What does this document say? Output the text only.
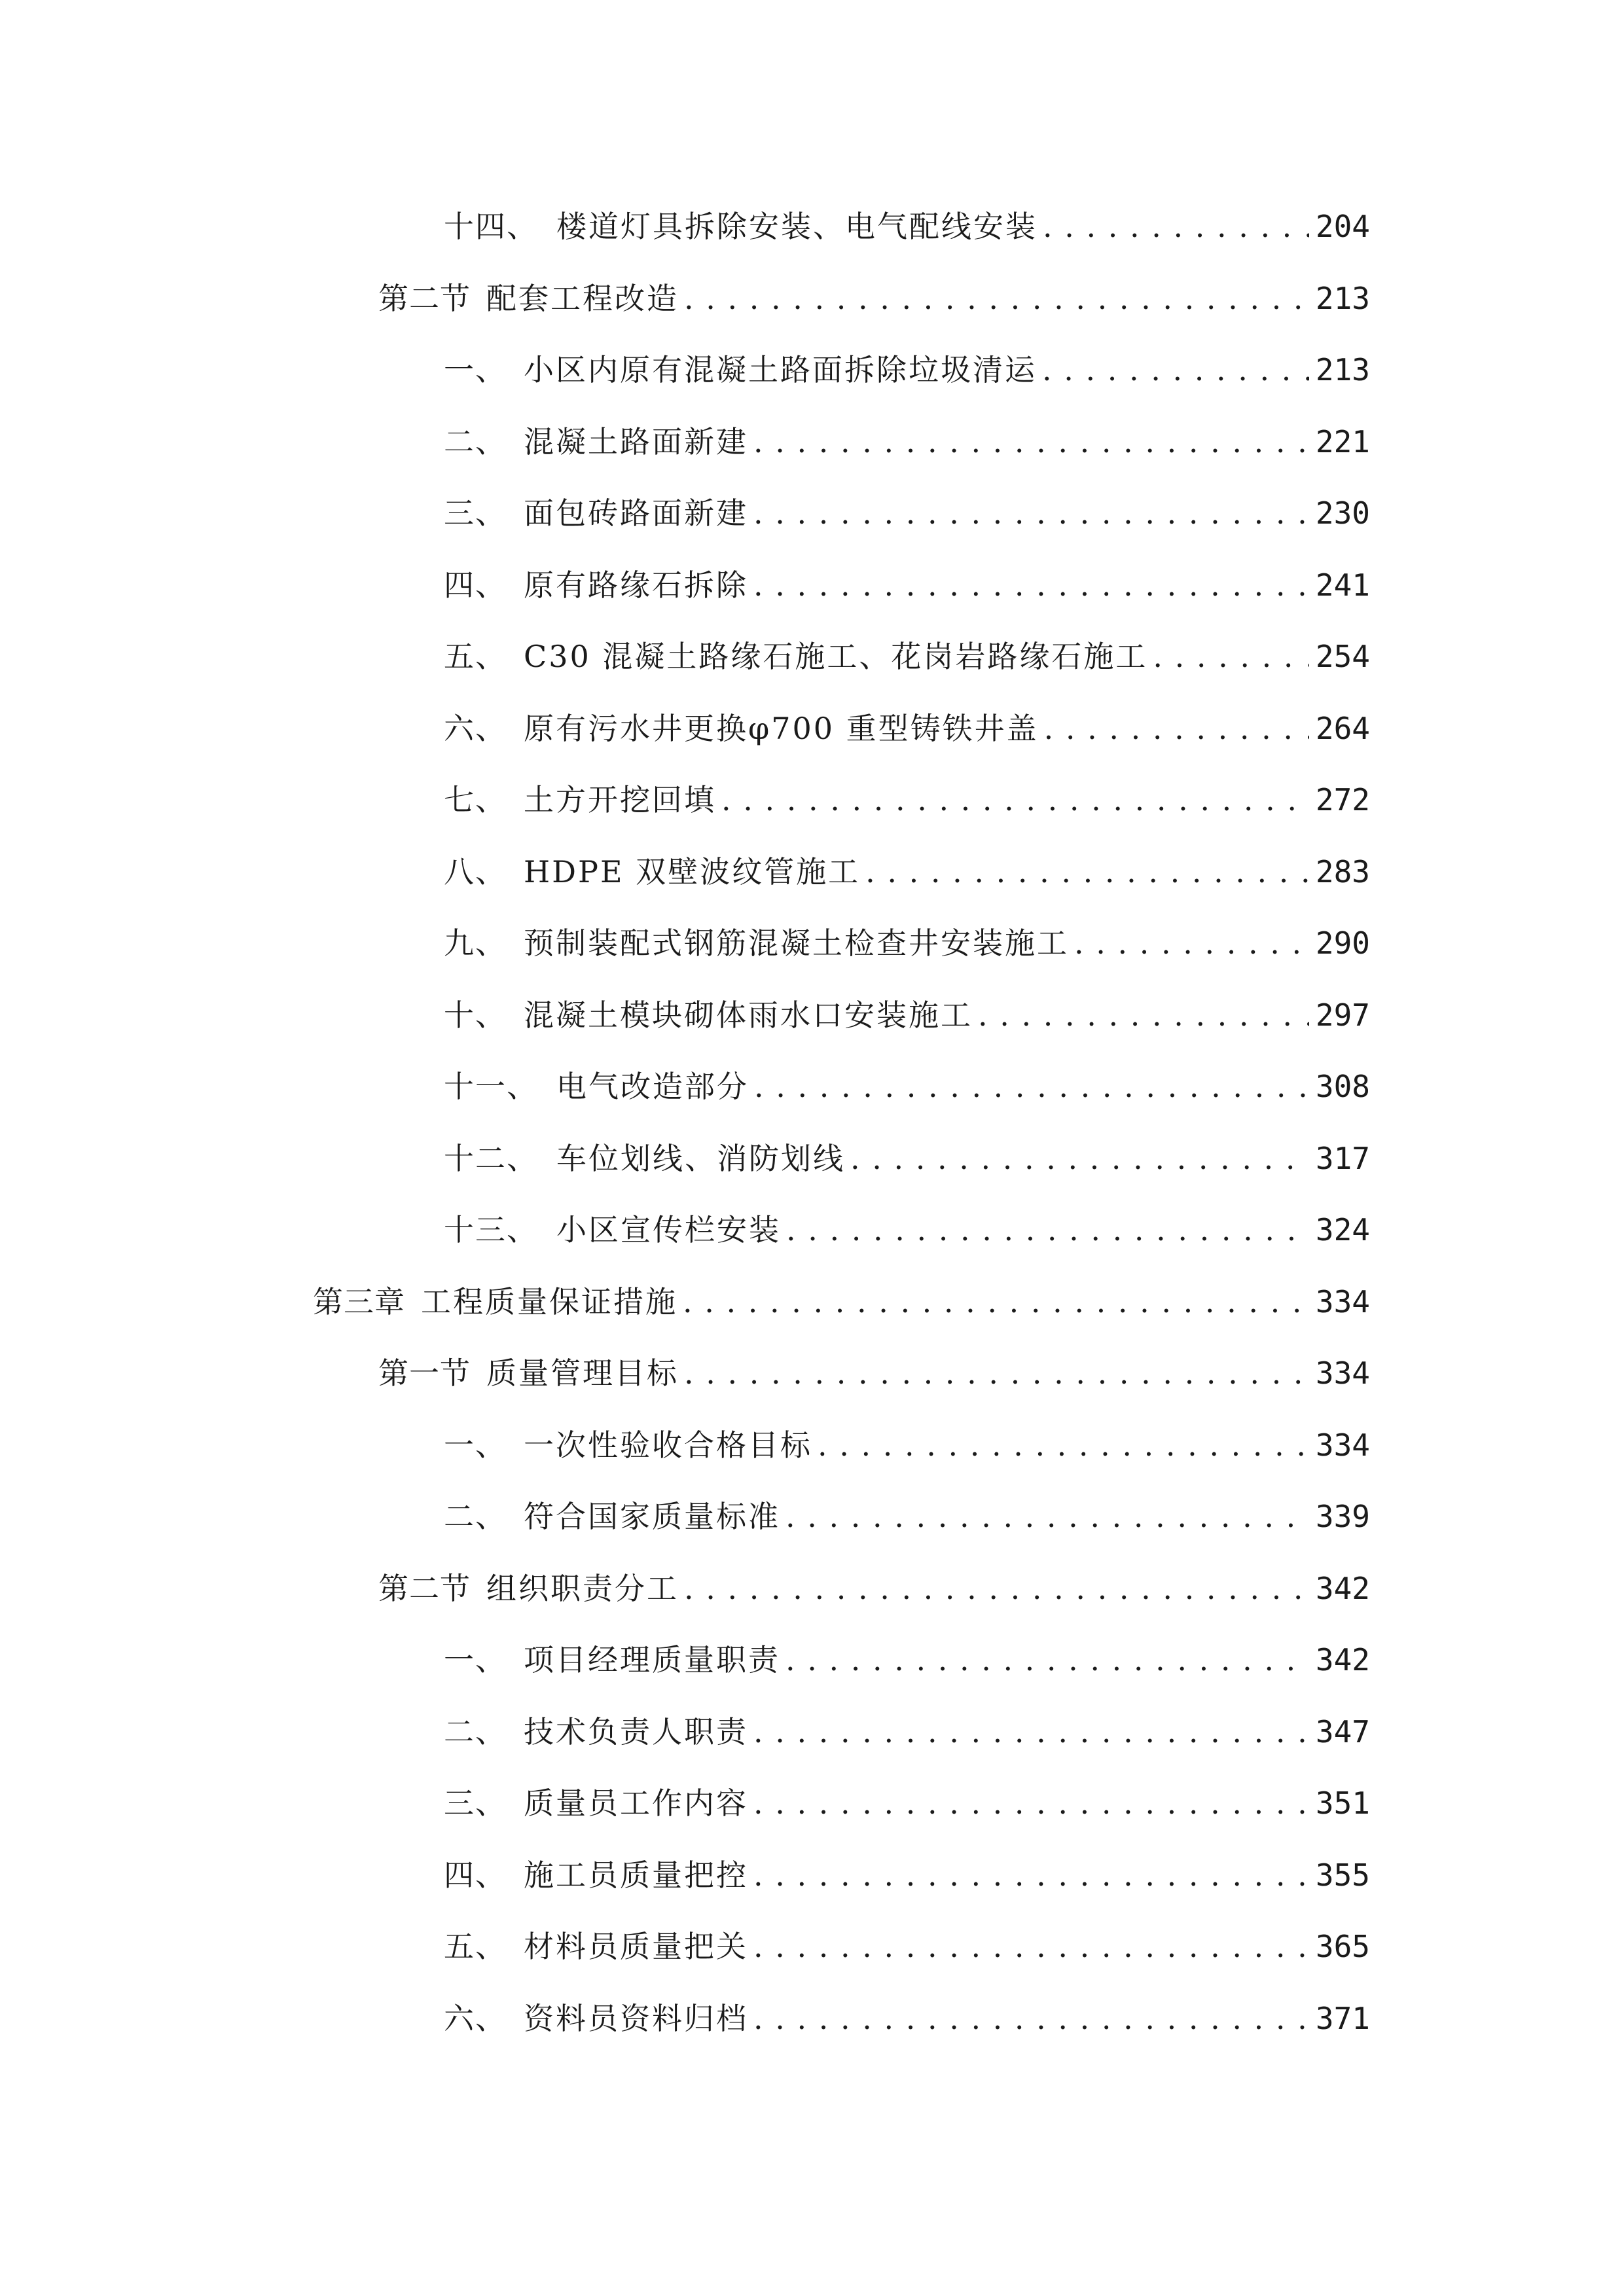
十四、 楼道灯具拆除安装、电气配线安装 . . .	204
第二节 配套工程改造 . . .	213
一、 小区内原有混凝土路面拆除垃圾清运 . . .	213
二、 混凝土路面新建 . . .	221
三、 面包砖路面新建 . . .	230
四、 原有路缘石拆除 . . .	241
五、 C30 混凝土路缘石施工、花岗岩路缘石施工 . . .	254
六、 原有污水井更换φ700 重型铸铁井盖 . . .	264
七、 土方开挖回填 . . .	272
八、 HDPE 双壁波纹管施工 . . .	283
九、 预制装配式钢筋混凝土检查井安装施工 . . .	290
十、 混凝土模块砌体雨水口安装施工 . . .	297
十一、 电气改造部分 . . .	308
十二、 车位划线、消防划线 . . .	317
十三、 小区宣传栏安装 . . .	324
第三章 工程质量保证措施 . . .	334
第一节 质量管理目标 . . .	334
一、 一次性验收合格目标 . . .	334
二、 符合国家质量标准 . . .	339
第二节 组织职责分工 . . .	342
一、 项目经理质量职责 . . .	342
二、 技术负责人职责 . . .	347
三、 质量员工作内容 . . .	351
四、 施工员质量把控 . . .	355
五、 材料员质量把关 . . .	365
六、 资料员资料归档 . . .	371
